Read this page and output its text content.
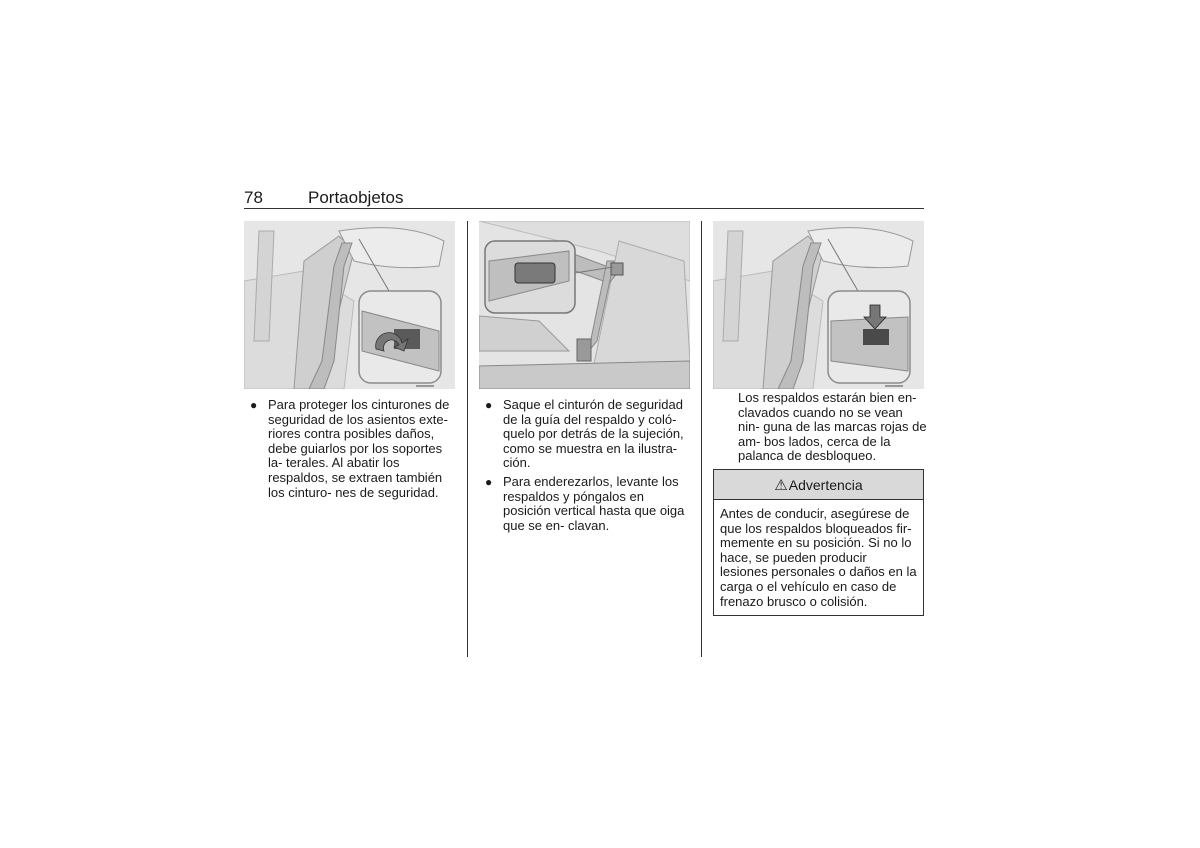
78	Portaobjetos
● Para proteger los cinturones de seguridad de los asientos exte- riores contra posibles daños, debe guiarlos por los soportes la- terales. Al abatir los respaldos, se extraen también los cinturo- nes de seguridad.
● Saque el cinturón de seguridad de la guía del respaldo y coló- quelo por detrás de la sujeción, como se muestra en la ilustra- ción.
● Para enderezarlos, levante los respaldos y póngalos en posición vertical hasta que oiga que se en- clavan.
Los respaldos estarán bien en- clavados cuando no se vean nin- guna de las marcas rojas de am- bos lados, cerca de la palanca de desbloqueo.
⚠ Advertencia
Antes de conducir, asegúrese de que los respaldos bloqueados fir- memente en su posición. Si no lo hace, se pueden producir lesiones personales o daños en la carga o el vehículo en caso de frenazo brusco o colisión.
